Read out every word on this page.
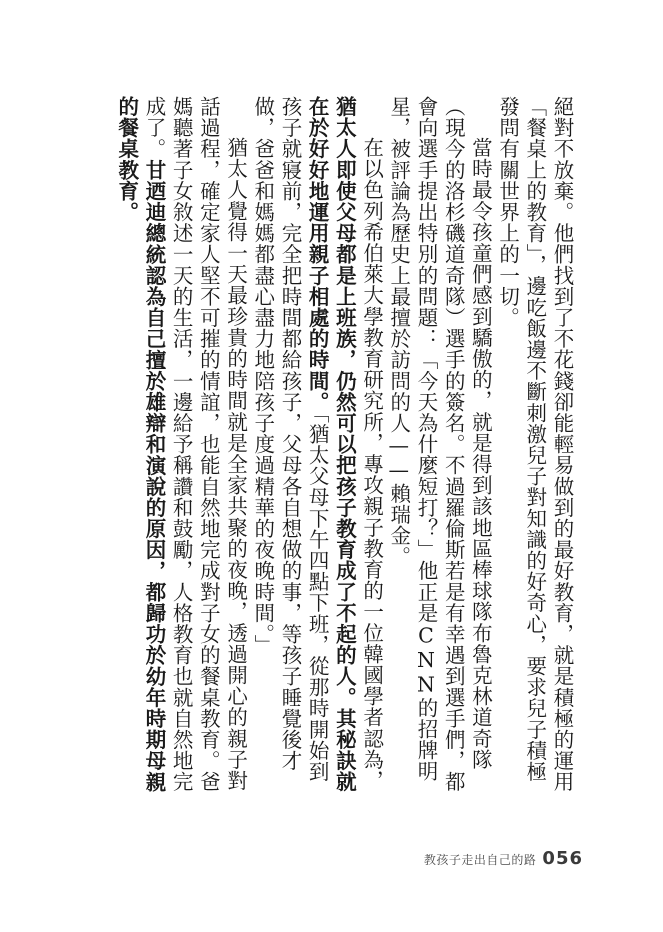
絕對不放棄。他們找到了不花錢卻能輕易做到的最好教育，就是積極的運用「餐桌上的教育」，邊吃飯邊不斷刺激兒子對知識的好奇心，要求兒子積極發問有關世界上的一切。

當時最令孩童們感到驕傲的，就是得到該地區棒球隊布魯克林道奇隊（現今的洛杉磯道奇隊）選手的簽名。不過羅倫斯若是有幸遇到選手們，都會向選手提出特別的問題：「今天為什麼短打？」他正是CNN的招牌明星，被評論為歷史上最擅於訪問的人——賴瑞金。

在以色列希伯萊大學教育研究所，專攻親子教育的一位韓國學者認為，猶太人即使父母都是上班族，仍然可以把孩子教育成了不起的人。其秘訣就在於好好地運用親子相處的時間。「猶太父母下午四點下班，從那時開始到孩子就寢前，完全把時間都給孩子，父母各自想做的事，等孩子睡覺後才做，爸爸和媽媽都盡心盡力地陪孩子度過精華的夜晚時間。」

猶太人覺得一天最珍貴的時間就是全家共聚的夜晚，透過開心的親子對話過程，確定家人堅不可摧的情誼，也能自然地完成對子女的餐桌教育。爸媽聽著子女敘述一天的生活，一邊給予稱讚和鼓勵，人格教育也就自然地完成了。甘迺迪總統認為自己擅於雄辯和演說的原因，都歸功於幼年時期母親的餐桌教育。

教孩子走出自己的路 056
